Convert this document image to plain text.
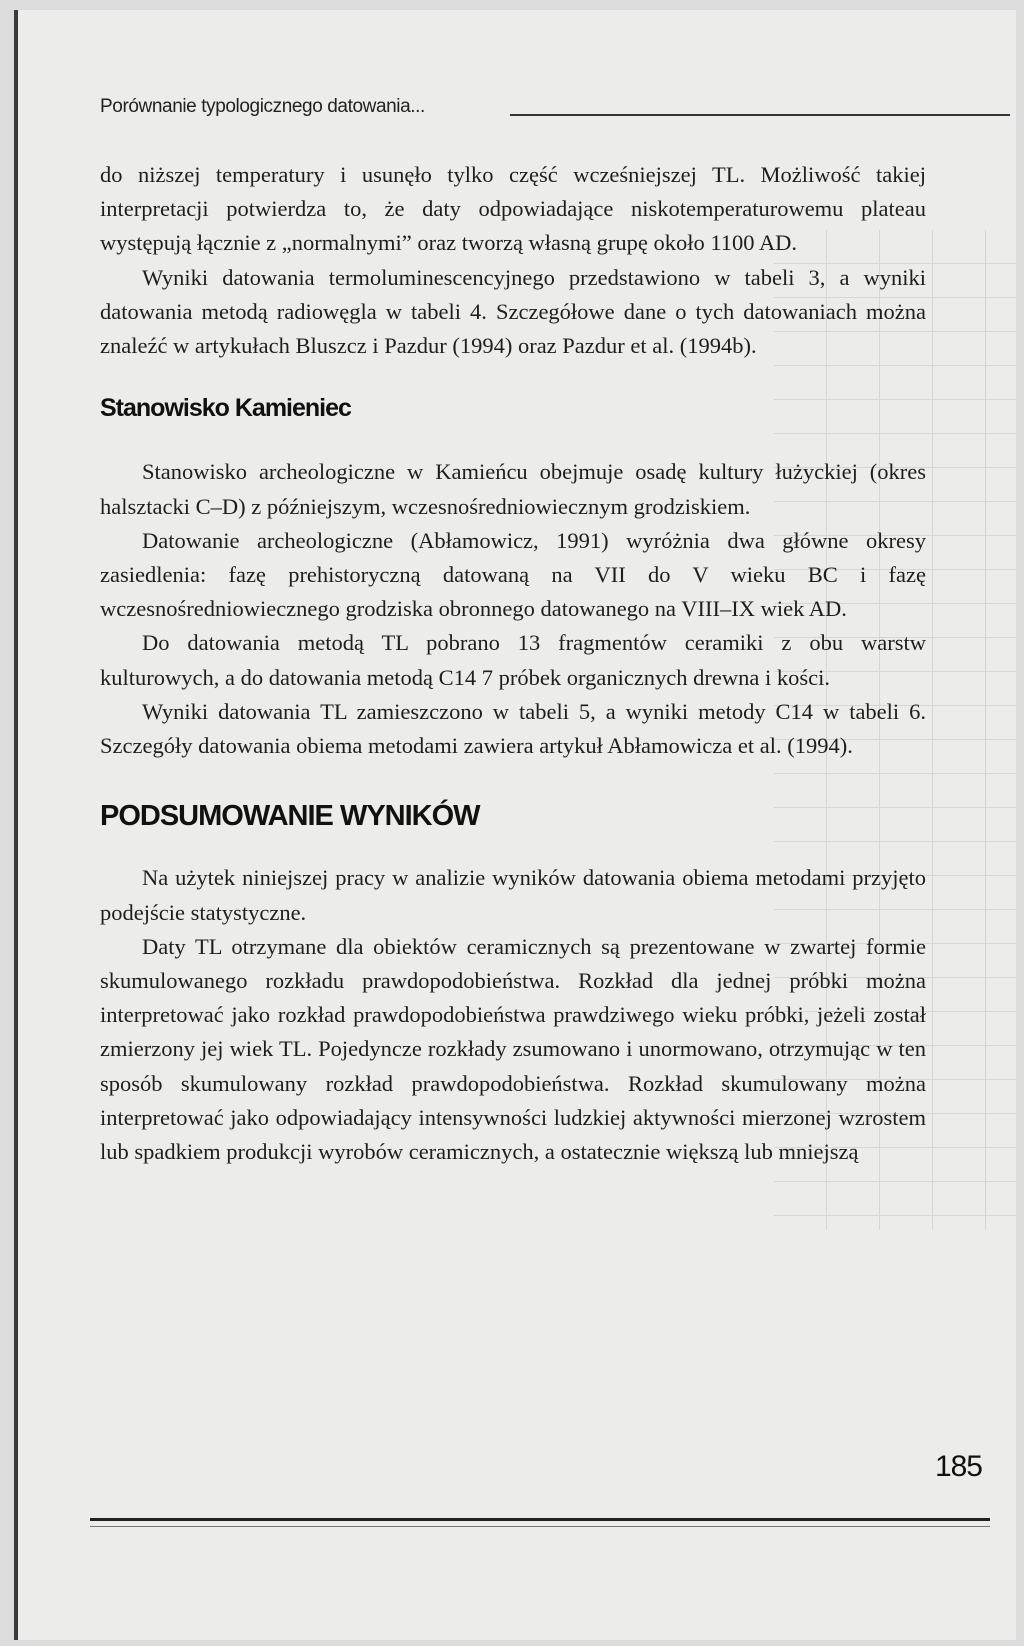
Porównanie typologicznego datowania...

do niższej temperatury i usunęło tylko część wcześniejszej TL. Możliwość takiej interpretacji potwierdza to, że daty odpowiadające niskotemperaturowemu plateau występują łącznie z „normalnymi” oraz tworzą własną grupę około 1100 AD.

Wyniki datowania termoluminescencyjnego przedstawiono w tabeli 3, a wyniki datowania metodą radiowęgla w tabeli 4. Szczegółowe dane o tych datowaniach można znaleźć w artykułach Bluszcz i Pazdur (1994) oraz Pazdur et al. (1994b).

Stanowisko Kamieniec

Stanowisko archeologiczne w Kamieńcu obejmuje osadę kultury łużyckiej (okres halsztacki C–D) z późniejszym, wczesnośredniowiecznym grodziskiem.

Datowanie archeologiczne (Abłamowicz, 1991) wyróżnia dwa główne okresy zasiedlenia: fazę prehistoryczną datowaną na VII do V wieku BC i fazę wczesnośredniowiecznego grodziska obronnego datowanego na VIII–IX wiek AD.

Do datowania metodą TL pobrano 13 fragmentów ceramiki z obu warstw kulturowych, a do datowania metodą C14 7 próbek organicznych drewna i kości.

Wyniki datowania TL zamieszczono w tabeli 5, a wyniki metody C14 w tabeli 6. Szczegóły datowania obiema metodami zawiera artykuł Abłamowicza et al. (1994).

PODSUMOWANIE WYNIKÓW

Na użytek niniejszej pracy w analizie wyników datowania obiema metodami przyjęto podejście statystyczne.

Daty TL otrzymane dla obiektów ceramicznych są prezentowane w zwartej formie skumulowanego rozkładu prawdopodobieństwa. Rozkład dla jednej próbki można interpretować jako rozkład prawdopodobieństwa prawdziwego wieku próbki, jeżeli został zmierzony jej wiek TL. Pojedyncze rozkłady zsumowano i unormowano, otrzymując w ten sposób skumulowany rozkład prawdopodobieństwa. Rozkład skumulowany można interpretować jako odpowiadający intensywności ludzkiej aktywności mierzonej wzrostem lub spadkiem produkcji wyrobów ceramicznych, a ostatecznie większą lub mniejszą

185
